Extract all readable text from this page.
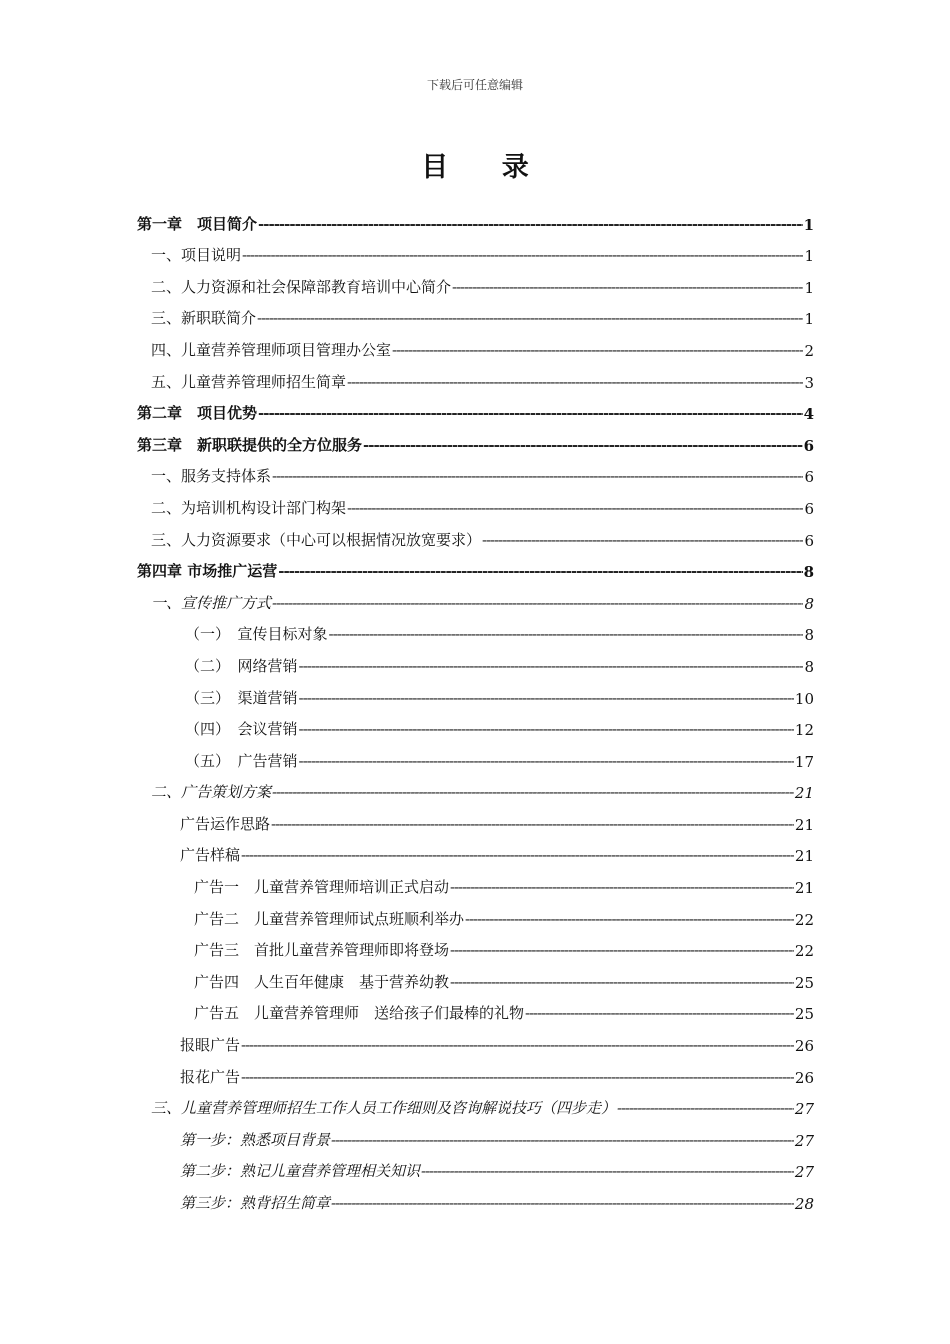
下载后可任意编辑
目 录
第一章　项目简介 -----	1
一、项目说明 -----	1
二、人力资源和社会保障部教育培训中心简介 -----	1
三、新职联简介 -----	1
四、儿童营养管理师项目管理办公室 -----	2
五、儿童营养管理师招生简章 -----	3
第二章　项目优势 -----	4
第三章　新职联提供的全方位服务 -----	6
一、服务支持体系 -----	6
二、为培训机构设计部门构架 -----	6
三、人力资源要求（中心可以根据情况放宽要求） -----	6
第四章 市场推广运营 -----	8
一、宣传推广方式 -----	8
（一）　宣传目标对象 -----	8
（二）　网络营销 -----	8
（三）　渠道营销 -----	10
（四）　会议营销 -----	12
（五）　广告营销 -----	17
二、广告策划方案 -----	21
广告运作思路 -----	21
广告样稿 -----	21
广告一　儿童营养管理师培训正式启动 -----	21
广告二　儿童营养管理师试点班顺利举办 -----	22
广告三　首批儿童营养管理师即将登场 -----	22
广告四　人生百年健康　基于营养幼教 -----	25
广告五　儿童营养管理师　送给孩子们最棒的礼物 -----	25
报眼广告 -----	26
报花广告 -----	26
三、儿童营养管理师招生工作人员工作细则及咨询解说技巧（四步走） -----	27
第一步：熟悉项目背景 -----	27
第二步：熟记儿童营养管理相关知识 -----	27
第三步：熟背招生简章 -----	28
